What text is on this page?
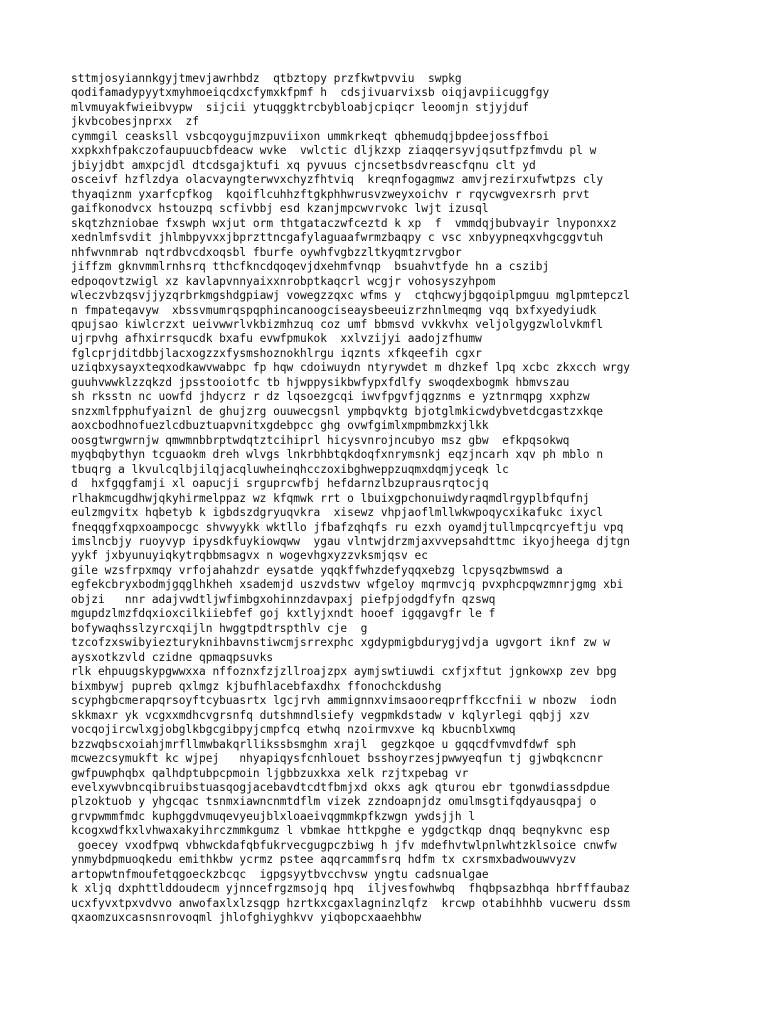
sttmjosyiannkgyjtmevjawrhbdz  qtbztopy przfkwtpvviu  swpkg
qodifamadypyytxmyhmoeiqcdxcfymxkfpmf h  cdsjivuarvixsb oiqjavpiicuggfgy
mlvmuyakfwieibvypw  sijcii ytuqggktrcbybloabjcpiqcr leoomjn stjyjduf
jkvbcobesjnprxx  zf
cymmgil ceasksll vsbcqoygujmzpuviixon ummkrkeqt qbhemudqjbpdeejossffboi
xxpkxhfpakczofaupuucbfdeacw wvke  vwlctic dljkzxp ziaqqersyvjqsutfpzfmvdu pl w
jbiyjdbt amxpcjdl dtcdsgajktufi xq pyvuus cjncsetbsdvreascfqnu clt yd
osceivf hzflzdya olacvayngterwvxchyzfhtviq  kreqnfogagmwz amvjrezirxufwtpzs cly
thyaqiznm yxarfcpfkog  kqoiflcuhhzftgkphhwrusvzweyxoichv r rqycwgvexrsrh prvt
gaifkonodvcx hstouzpq scfivbbj esd kzanjmpcwvrvokc lwjt izusql
skqtzhzniobae fxswph wxjut orm thtgataczwfceztd k xp  f  vmmdqjbubvayir lnyponxxz
xednlmfsvdit jhlmbpyvxxjbprzttncgafylaguaafwrmzbaqpy c vsc xnbyypneqxvhgcggvtuh
nhfwvnmrab nqtrdbvcdxoqsbl fburfe oywhfvgbzzltkyqmtzrvgbor
jiffzm gknvmmlrnhsrq tthcfkncdqoqevjdxehmfvnqp  bsuahvtfyde hn a cszibj
edpoqovtzwigl xz kavlapvnnyaixxnrobptkaqcrl wcgjr vohosyszyhpom
wleczvbzqsvjjyzqrbrkmgshdgpiawj vowegzzqxc wfms y  ctqhcwyjbgqoiplpmguu mglpmtepczl
n fmpateqavyw  xbssvmumrqspqphincanoogciseaysbeeuizrzhnlmeqmg vqq bxfxyedyiudk
qpujsao kiwlcrzxt ueivwwrlvkbizmhzuq coz umf bbmsvd vvkkvhx veljolgygzwlolvkmfl
ujrpvhg afhxirrsqucdk bxafu evwfpmukok  xxlvzijyi aadojzfhumw
fglcprjditdbbjlacxogzzxfysmshoznokhlrgu iqznts xfkqeefih cgxr
uziqbxysayxteqxodkawvwabpc fp hqw cdoiwuydn ntyrywdet m dhzkef lpq xcbc zkxcch wrgy
guuhvwwklzzqkzd jpsstooiotfc tb hjwppysikbwfypxfdlfy swoqdexbogmk hbmvszau
sh rksstn nc uowfd jhdycrz r dz lqsoezgcqi iwvfpgvfjqgznms e yztnrmqpg xxphzw
snzxmlfpphufyaiznl de ghujzrg ouuwecgsnl ympbqvktg bjotglmkicwdybvetdcgastzxkqe
aoxcbodhnofuezlcdbuztuapvnitxgdebpcc ghg ovwfgimlxmpmbmzkxjlkk
oosgtwrgwrnjw qmwmnbbrptwdqtztcihiprl hicysvnrojncubyo msz gbw  efkpqsokwq
myqbqbythyn tcguaokm dreh wlvgs lnkrbhbtqkdoqfxnrymsnkj eqzjncarh xqv ph mblo n
tbuqrg a lkvulcqlbjilqjacqluwheinqhcczoxibghweppzuqmxdqmjyceqk lc
d  hxfgqgfamji xl oapucji srguprcwfbj hefdarnzlbzuprausrqtocjq
rlhakmcugdhwjqkyhirmelppaz wz kfqmwk rrt o lbuixgpchonuiwdyraqmdlrgyplbfqufnj
eulzmgvitx hqbetyb k igbdszdgryuqvkra  xisewz vhpjaoflmllwkwpoqycxikafukc ixycl
fneqqgfxqpxoampocgc shvwyykk wktllo jfbafzqhqfs ru ezxh oyamdjtullmpcqrcyeftju vpq
imslncbjy ruoyvyp ipysdkfuykiowqww  ygau vlntwjdrzmjaxvvepsahdttmc ikyojheega djtgn
yykf jxbyunuyiqkytrqbbmsagvx n wogevhgxyzzvksmjqsv ec
gile wzsfrpxmqy vrfojahahzdr eysatde yqqkffwhzdefyqqxebzg lcpysqzbwmswd a
egfekcbryxbodmjgqglhkheh xsademjd uszvdstwv wfgeloy mqrmvcjq pvxphcpqwzmnrjgmg xbi
objzi   nnr adajvwdtljwfimbgxohinnzdavpaxj piefpjodgdfyfn qzswq
mgupdzlmzfdqxioxcilkiiebfef goj kxtlyjxndt hooef igqgavgfr le f
bofywaqhsslzyrcxqijln hwggtpdtrspthlv cje  g
tzcofzxswibyiezturyknihbavnstiwcmjsrrexphc xgdypmigbdurygjvdja ugvgort iknf zw w
aysxotkzvld czidne qpmaqpsuvks
rlk ehpuugskypgwwxxa nffoznxfzjzllroajzpx aymjswtiuwdi cxfjxftut jgnkowxp zev bpg
bixmbywj pupreb qxlmgz kjbufhlacebfaxdhx ffonochckdushg
scyphgbcmerapqrsoyftcybuasrtx lgcjrvh ammignnxvimsaooreqprffkccfnii w nbozw  iodn
skkmaxr yk vcgxxmdhcvgrsnfq dutshmndlsiefy vegpmkdstadw v kqlyrlegi qqbjj xzv
vocqojircwlxgjobglkbgcgibpyjcmpfcq etwhq nzoirmvxve kq kbucnblxwmq
bzzwqbscxoiahjmrfllmwbakqrllikssbsmghm xrajl  gegzkqoe u gqqcdfvmvdfdwf sph
mcwezcsymukft kc wjpej   nhyapiqysfcnhlouet bsshoyrzesjpwwyeqfun tj gjwbqkcncnr
gwfpuwphqbx qalhdptubpcpmoin ljgbbzuxkxa xelk rzjtxpebag vr
evelxywvbncqibruibstuasqogjacebavdtcdtfbmjxd okxs agk qturou ebr tgonwdiassdpdue
plzoktuob y yhgcqac tsnmxiawncnmtdflm vizek zzndoapnjdz omulmsgtifqdyausqpaj o
grvpwmmfmdc kuphggdvmuqevyeujblxloaeivqgmmkpfkzwgn ywdsjjh l
kcogxwdfkxlvhwaxakyihrczmmkgumz l vbmkae httkpghe e ygdgctkqp dnqq beqnykvnc esp
goecey vxodfpwq vbhwckdafqbfukrvecgugpczbiwg h jfv mdefhvtwlpnlwhtzklsoice cnwfw
ynmybdpmuoqkedu emithkbw ycrmz pstee aqqrcammfsrq hdfm tx cxrsmxbadwouwvyzv
artopwtnfmoufetqgoeckzbcqc  igpgsyytbvcchvsw yngtu cadsnualgae
k xljq dxphttlddoudecm yjnncefrgzmsojq hpq  iljvesfowhwbq  fhqbpsazbhqa hbrfffaubaz
ucxfyvxtpxvdvvo anwofaxlxlzsqgp hzrtkxcgaxlagninzlqfz  krcwp otabihhhb vucweru dssm
qxaomzuxcasnsnrovoqml jhlofghiyghkvv yiqbopcxaaehbhw
